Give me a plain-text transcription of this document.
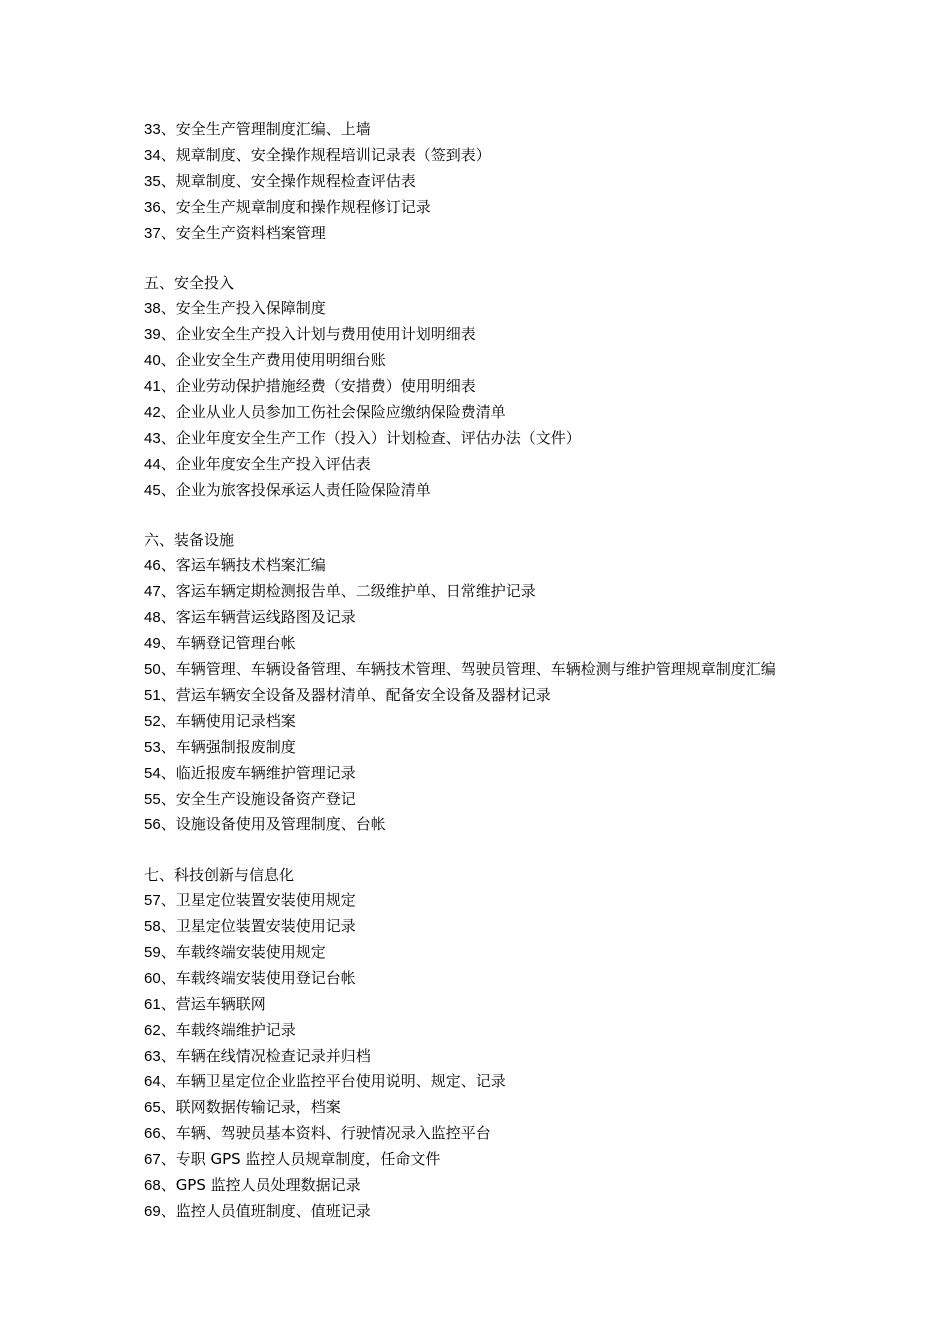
33、安全生产管理制度汇编、上墙
34、规章制度、安全操作规程培训记录表（签到表）
35、规章制度、安全操作规程检查评估表
36、安全生产规章制度和操作规程修订记录
37、安全生产资料档案管理
五、安全投入
38、安全生产投入保障制度
39、企业安全生产投入计划与费用使用计划明细表
40、企业安全生产费用使用明细台账
41、企业劳动保护措施经费（安措费）使用明细表
42、企业从业人员参加工伤社会保险应缴纳保险费清单
43、企业年度安全生产工作（投入）计划检查、评估办法（文件）
44、企业年度安全生产投入评估表
45、企业为旅客投保承运人责任险保险清单
六、装备设施
46、客运车辆技术档案汇编
47、客运车辆定期检测报告单、二级维护单、日常维护记录
48、客运车辆营运线路图及记录
49、车辆登记管理台帐
50、车辆管理、车辆设备管理、车辆技术管理、驾驶员管理、车辆检测与维护管理规章制度汇编
51、营运车辆安全设备及器材清单、配备安全设备及器材记录
52、车辆使用记录档案
53、车辆强制报废制度
54、临近报废车辆维护管理记录
55、安全生产设施设备资产登记
56、设施设备使用及管理制度、台帐
七、科技创新与信息化
57、卫星定位装置安装使用规定
58、卫星定位装置安装使用记录
59、车载终端安装使用规定
60、车载终端安装使用登记台帐
61、营运车辆联网
62、车载终端维护记录
63、车辆在线情况检查记录并归档
64、车辆卫星定位企业监控平台使用说明、规定、记录
65、联网数据传输记录，档案
66、车辆、驾驶员基本资料、行驶情况录入监控平台
67、专职 GPS 监控人员规章制度，任命文件
68、GPS 监控人员处理数据记录
69、监控人员值班制度、值班记录
